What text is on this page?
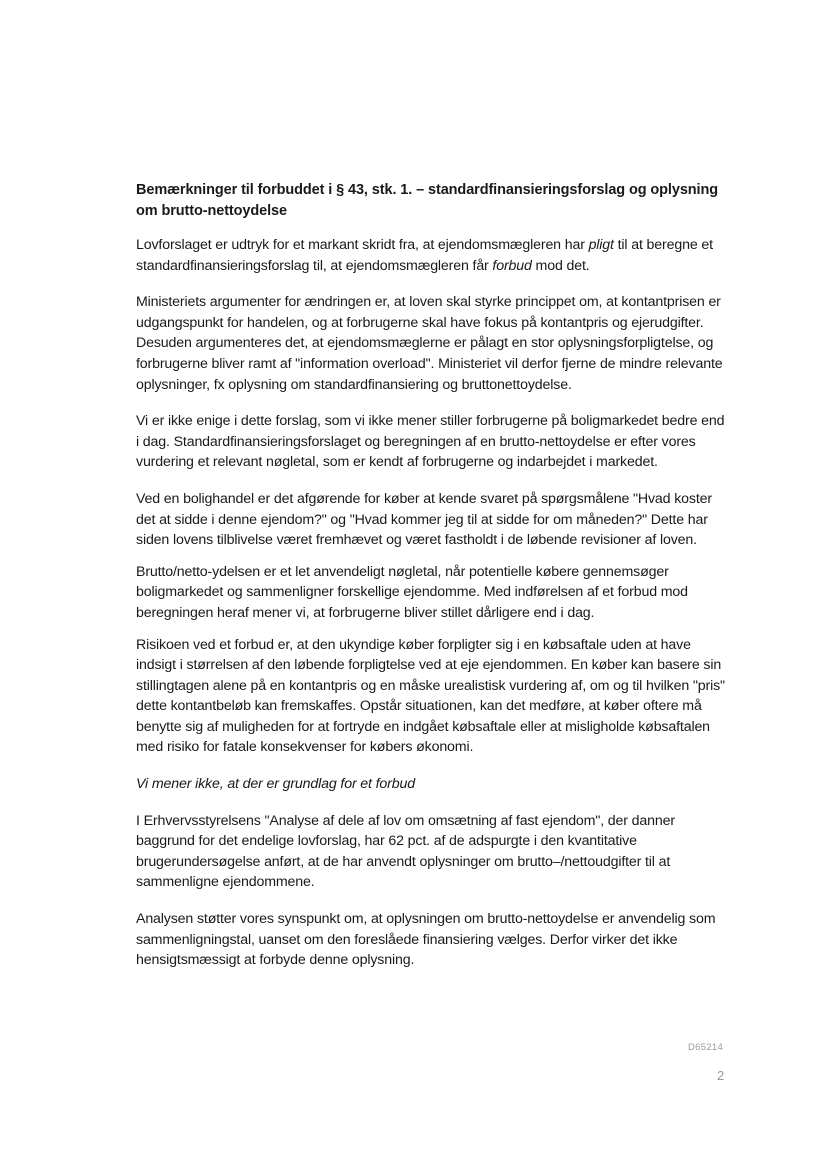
Bemærkninger til forbuddet i § 43, stk. 1. – standardfinansieringsforslag og oplysning om brutto-nettoydelse

Lovforslaget er udtryk for et markant skridt fra, at ejendomsmægleren har pligt til at beregne et standardfinansieringsforslag til, at ejendomsmægleren får forbud mod det.

Ministeriets argumenter for ændringen er, at loven skal styrke princippet om, at kontantprisen er udgangspunkt for handelen, og at forbrugerne skal have fokus på kontantpris og ejerudgifter. Desuden argumenteres det, at ejendomsmæglerne er pålagt en stor oplysningsforpligtelse, og forbrugerne bliver ramt af "information overload". Ministeriet vil derfor fjerne de mindre relevante oplysninger, fx oplysning om standardfinansiering og bruttonettoydelse.

Vi er ikke enige i dette forslag, som vi ikke mener stiller forbrugerne på boligmarkedet bedre end i dag. Standardfinansieringsforslaget og beregningen af en brutto-nettoydelse er efter vores vurdering et relevant nøgletal, som er kendt af forbrugerne og indarbejdet i markedet.

Ved en bolighandel er det afgørende for køber at kende svaret på spørgsmålene "Hvad koster det at sidde i denne ejendom?" og "Hvad kommer jeg til at sidde for om måneden?" Dette har siden lovens tilblivelse været fremhævet og været fastholdt i de løbende revisioner af loven.

Brutto/netto-ydelsen er et let anvendeligt nøgletal, når potentielle købere gennemsøger boligmarkedet og sammenligner forskellige ejendomme. Med indførelsen af et forbud mod beregningen heraf mener vi, at forbrugerne bliver stillet dårligere end i dag.

Risikoen ved et forbud er, at den ukyndige køber forpligter sig i en købsaftale uden at have indsigt i størrelsen af den løbende forpligtelse ved at eje ejendommen. En køber kan basere sin stillingtagen alene på en kontantpris og en måske urealistisk vurdering af, om og til hvilken "pris" dette kontantbeløb kan fremskaffes. Opstår situationen, kan det medføre, at køber oftere må benytte sig af muligheden for at fortryde en indgået købsaftale eller at misligholde købsaftalen med risiko for fatale konsekvenser for købers økonomi.

Vi mener ikke, at der er grundlag for et forbud

I Erhvervsstyrelsens "Analyse af dele af lov om omsætning af fast ejendom", der danner baggrund for det endelige lovforslag, har 62 pct. af de adspurgte i den kvantitative brugerundersøgelse anført, at de har anvendt oplysninger om brutto–/nettoudgifter til at sammenligne ejendommene.

Analysen støtter vores synspunkt om, at oplysningen om brutto-nettoydelse er anvendelig som sammenligningstal, uanset om den foreslåede finansiering vælges. Derfor virker det ikke hensigtsmæssigt at forbyde denne oplysning.

D65214
2
